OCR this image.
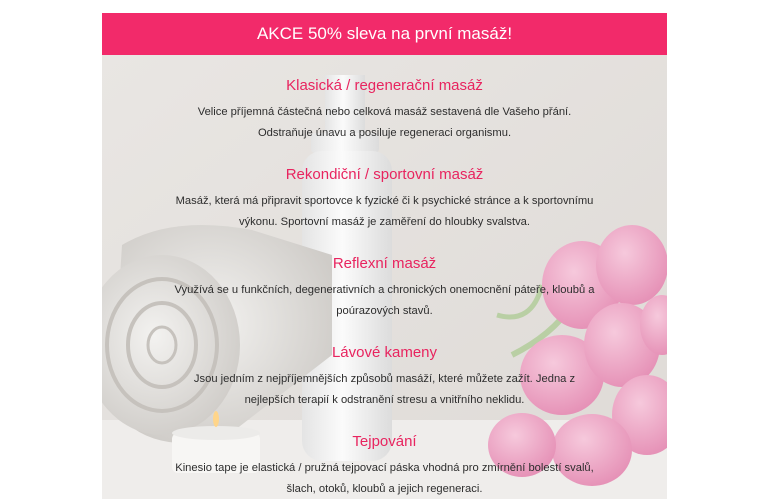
AKCE 50% sleva na první masáž!
Klasická / regenerační masáž

Velice příjemná částečná nebo celková masáž sestavená dle Vašeho přání.
Odstraňuje únavu a posiluje regeneraci organismu.

Rekondiční / sportovní masáž

Masáž, která má připravit sportovce k fyzické či k psychické stránce a k sportovnímu
výkonu. Sportovní masáž je zaměření do hloubky svalstva.

Reflexní masáž

Využívá se u funkčních, degenerativních a chronických onemocnění páteře, kloubů a
poúrazových stavů.

Lávové kameny

Jsou jedním z nejpříjemnějších způsobů masáží, které můžete zažít. Jedna z
nejlepších terapií k odstranění stresu a vnitřního neklidu.

Tejpování

Kinesio tape je elastická / pružná tejpovací páska vhodná pro zmírnění bolestí svalů,
šlach, otoků, kloubů a jejich regeneraci.
